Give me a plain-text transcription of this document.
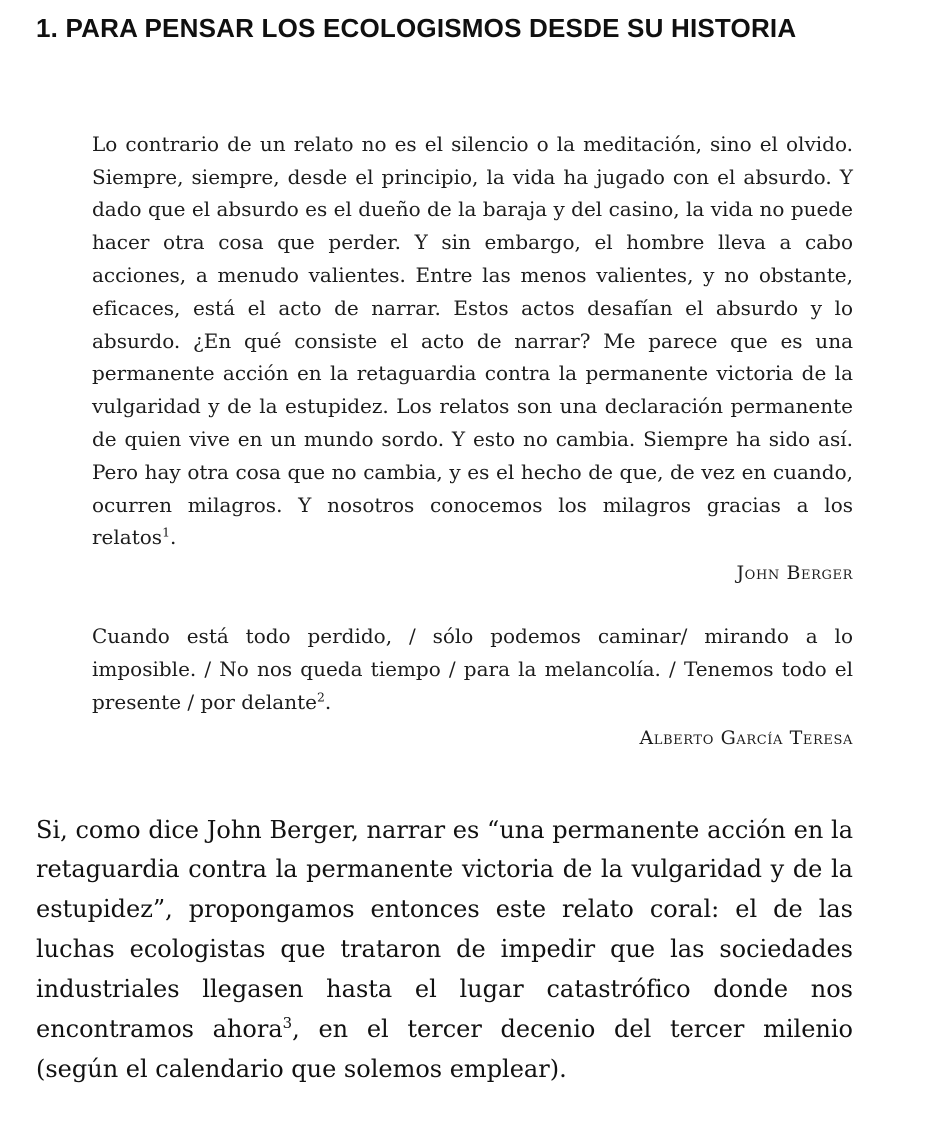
1. PARA PENSAR LOS ECOLOGISMOS DESDE SU HISTORIA

Lo contrario de un relato no es el silencio o la meditación, sino el olvido. Siempre, siempre, desde el principio, la vida ha jugado con el absurdo. Y dado que el absurdo es el dueño de la baraja y del casino, la vida no puede hacer otra cosa que perder. Y sin embargo, el hombre lleva a cabo acciones, a menudo valientes. Entre las menos valientes, y no obstante, eficaces, está el acto de narrar. Estos actos desafían el absurdo y lo absurdo. ¿En qué consiste el acto de narrar? Me parece que es una permanente acción en la retaguardia contra la permanente victoria de la vulgaridad y de la estupidez. Los relatos son una declaración permanente de quien vive en un mundo sordo. Y esto no cambia. Siempre ha sido así. Pero hay otra cosa que no cambia, y es el hecho de que, de vez en cuando, ocurren milagros. Y nosotros conocemos los milagros gracias a los relatos$^1$.

John Berger

Cuando está todo perdido, / sólo podemos caminar/ mirando a lo imposible. / No nos queda tiempo / para la melancolía. / Tenemos todo el presente / por delante$^2$.

Alberto García Teresa

Si, como dice John Berger, narrar es “una permanente acción en la retaguardia contra la permanente victoria de la vulgaridad y de la estupidez”, propongamos entonces este relato coral: el de las luchas ecologistas que trataron de impedir que las sociedades industriales llegasen hasta el lugar catastrófico donde nos encontramos ahora$^3$, en el tercer decenio del tercer milenio (según el calendario que solemos emplear).
